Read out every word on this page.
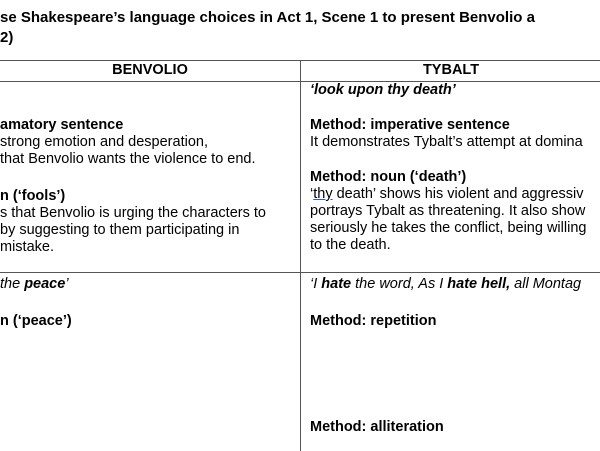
se Shakespeare’s language choices in Act 1, Scene 1 to present Benvolio a
2)
BENVOLIO	TYBALT
amatory sentence
strong emotion and desperation,
that Benvolio wants the violence to end.
n (‘fools’)
s that Benvolio is urging the characters to
by suggesting to them participating in
mistake.
the peace’
n (‘peace’)
‘look upon thy death’
Method: imperative sentence
It demonstrates Tybalt’s attempt at domina
Method: noun (‘death’)
‘thy death’ shows his violent and aggressiv
portrays Tybalt as threatening. It also show
seriously he takes the conflict, being willing
to the death.
‘I hate the word, As I hate hell, all Montag
Method: repetition
Method: alliteration
